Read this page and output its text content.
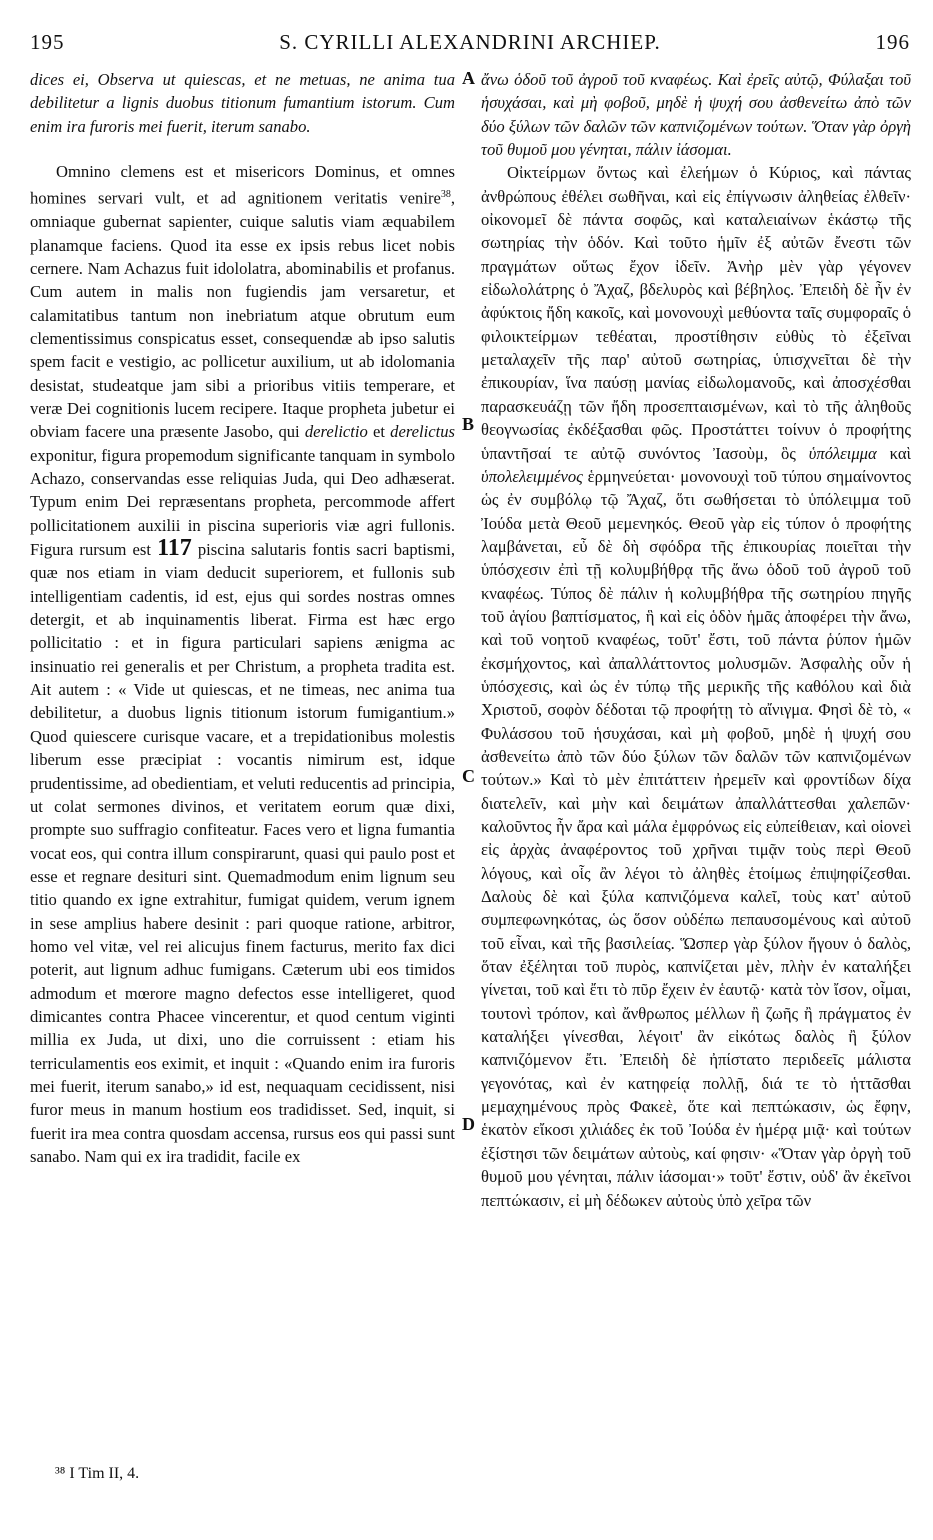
195	S. CYRILLI ALEXANDRINI ARCHIEP.	196

dices ei, Observa ut quiescas, et ne metuas, ne anima tua debilitetur a lignis duobus titionum fumantium istorum. Cum enim ira furoris mei fuerit, iterum sanabo.

Omnino clemens est et misericors Dominus, et omnes homines servari vult, et ad agnitionem veritatis venire$^{38}$, omniaque gubernat sapienter, cuique salutis viam æquabilem planamque faciens. Quod ita esse ex ipsis rebus licet nobis cernere. Nam Achazus fuit idololatra, abominabilis et profanus. Cum autem in malis non fugiendis jam versaretur, et calamitatibus tantum non inebriatum atque obrutum eum clementissimus conspicatus esset, consequendæ ab ipso salutis spem facit e vestigio, ac pollicetur auxilium, ut ab idolomania desistat, studeatque jam sibi a prioribus vitiis temperare, et veræ Dei cognitionis lucem recipere. Itaque propheta jubetur ei obviam facere una præsente Jasobo, qui derelictio et derelictus exponitur, figura propemodum significante tanquam in symbolo Achazo, conservandas esse reliquias Juda, qui Deo adhæserat. Typum enim Dei repræsentans propheta, percommode affert pollicitationem auxilii in piscina superioris viæ agri fullonis. Figura rursum est 117 piscina salutaris fontis sacri baptismi, quæ nos etiam in viam deducit superiorem, et fullonis sub intelligentiam cadentis, id est, ejus qui sordes nostras omnes detergit, et ab inquinamentis liberat. Firma est hæc ergo pollicitatio : et in figura particulari sapiens ænigma ac insinuatio rei generalis et per Christum, a propheta tradita est. Ait autem : « Vide ut quiescas, et ne timeas, nec anima tua debilitetur, a duobus lignis titionum istorum fumigantium.» Quod quiescere curisque vacare, et a trepidationibus molestis liberum esse præcipiat : vocantis nimirum est, idque prudentissime, ad obedientiam, et veluti reducentis ad principia, ut colat sermones divinos, et veritatem eorum quæ dixi, prompte suo suffragio confiteatur. Faces vero et ligna fumantia vocat eos, qui contra illum conspirarunt, quasi qui paulo post et esse et regnare desituri sint. Quemadmodum enim lignum seu titio quando ex igne extrahitur, fumigat quidem, verum ignem in sese amplius habere desinit : pari quoque ratione, arbitror, homo vel vitæ, vel rei alicujus finem facturus, merito fax dici poterit, aut lignum adhuc fumigans. Cæterum ubi eos timidos admodum et mœrore magno defectos esse intelligeret, quod dimicantes contra Phacee vincerentur, et quod centum viginti millia ex Juda, ut dixi, uno die corruissent : etiam his terriculamentis eos eximit, et inquit : «Quando enim ira furoris mei fuerit, iterum sanabo,» id est, nequaquam cecidissent, nisi furor meus in manum hostium eos tradidisset. Sed, inquit, si fuerit ira mea contra quosdam accensa, rursus eos qui passi sunt sanabo. Nam qui ex ira tradidit, facile ex

A
B
C
D

ἄνω ὁδοῦ τοῦ ἀγροῦ τοῦ κναφέως. Καὶ ἐρεῖς αὐτῷ, Φύλαξαι τοῦ ἡσυχάσαι, καὶ μὴ φοβοῦ, μηδὲ ἡ ψυχή σου ἀσθενείτω ἀπὸ τῶν δύο ξύλων τῶν δαλῶν τῶν καπνιζομένων τούτων. Ὅταν γὰρ ὀργὴ τοῦ θυμοῦ μου γένηται, πάλιν ἰάσομαι.

Οἰκτείρμων ὄντως καὶ ἐλεήμων ὁ Κύριος, καὶ πάντας ἀνθρώπους ἐθέλει σωθῆναι, καὶ εἰς ἐπίγνωσιν ἀληθείας ἐλθεῖν· οἰκονομεῖ δὲ πάντα σοφῶς, καὶ καταλειαίνων ἑκάστῳ τῆς σωτηρίας τὴν ὁδόν. Καὶ τοῦτο ἡμῖν ἐξ αὐτῶν ἔνεστι τῶν πραγμάτων οὕτως ἔχον ἰδεῖν. Ἀνὴρ μὲν γὰρ γέγονεν εἰδωλολάτρης ὁ Ἄχαζ, βδελυρὸς καὶ βέβηλος. Ἐπειδὴ δὲ ἦν ἐν ἀφύκτοις ἤδη κακοῖς, καὶ μονονουχὶ μεθύοντα ταῖς συμφοραῖς ὁ φιλοικτείρμων τεθέαται, προστίθησιν εὐθὺς τὸ ἐξεῖναι μεταλαχεῖν τῆς παρ' αὐτοῦ σωτηρίας, ὑπισχνεῖται δὲ τὴν ἐπικουρίαν, ἵνα παύσῃ μανίας εἰδωλομανοῦς, καὶ ἀποσχέσθαι παρασκευάζῃ τῶν ἤδη προσεπταισμένων, καὶ τὸ τῆς ἀληθοῦς θεογνωσίας ἐκδέξασθαι φῶς. Προστάττει τοίνυν ὁ προφήτης ὑπαντῆσαί τε αὐτῷ συνόντος Ἰασοὺμ, ὃς ὑπόλειμμα καὶ ὑπολελειμμένος ἑρμηνεύεται· μονονουχὶ τοῦ τύπου σημαίνοντος ὡς ἐν συμβόλῳ τῷ Ἄχαζ, ὅτι σωθήσεται τὸ ὑπόλειμμα τοῦ Ἰούδα μετὰ Θεοῦ μεμενηκός. Θεοῦ γὰρ εἰς τύπον ὁ προφήτης λαμβάνεται, εὖ δὲ δὴ σφόδρα τῆς ἐπικουρίας ποιεῖται τὴν ὑπόσχεσιν ἐπὶ τῇ κολυμβήθρᾳ τῆς ἄνω ὁδοῦ τοῦ ἀγροῦ τοῦ κναφέως. Τύπος δὲ πάλιν ἡ κολυμβήθρα τῆς σωτηρίου πηγῆς τοῦ ἁγίου βαπτίσματος, ἣ καὶ εἰς ὁδὸν ἡμᾶς ἀποφέρει τὴν ἄνω, καὶ τοῦ νοητοῦ κναφέως, τοῦτ' ἔστι, τοῦ πάντα ῥύπον ἡμῶν ἐκσμήχοντος, καὶ ἀπαλλάττοντος μολυσμῶν. Ἀσφαλὴς οὖν ἡ ὑπόσχεσις, καὶ ὡς ἐν τύπῳ τῆς μερικῆς τῆς καθόλου καὶ διὰ Χριστοῦ, σοφὸν δέδοται τῷ προφήτῃ τὸ αἴνιγμα. Φησὶ δὲ τὸ, « Φυλάσσου τοῦ ἡσυχάσαι, καὶ μὴ φοβοῦ, μηδὲ ἡ ψυχή σου ἀσθενείτω ἀπὸ τῶν δύο ξύλων τῶν δαλῶν τῶν καπνιζομένων τούτων.» Καὶ τὸ μὲν ἐπιτάττειν ἠρεμεῖν καὶ φροντίδων δίχα διατελεῖν, καὶ μὴν καὶ δειμάτων ἀπαλλάττεσθαι χαλεπῶν· καλοῦντος ἦν ἄρα καὶ μάλα ἐμφρόνως εἰς εὐπείθειαν, καὶ οἱονεὶ εἰς ἀρχὰς ἀναφέροντος τοῦ χρῆναι τιμᾷν τοὺς περὶ Θεοῦ λόγους, καὶ οἷς ἂν λέγοι τὸ ἀληθὲς ἑτοίμως ἐπιψηφίζεσθαι. Δαλοὺς δὲ καὶ ξύλα καπνιζόμενα καλεῖ, τοὺς κατ' αὐτοῦ συμπεφωνηκότας, ὡς ὅσον οὐδέπω πεπαυσομένους καὶ αὐτοῦ τοῦ εἶναι, καὶ τῆς βασιλείας. Ὥσπερ γὰρ ξύλον ἤγουν ὁ δαλὸς, ὅταν ἐξέληται τοῦ πυρὸς, καπνίζεται μὲν, πλὴν ἐν καταλήξει γίνεται, τοῦ καὶ ἔτι τὸ πῦρ ἔχειν ἐν ἑαυτῷ· κατὰ τὸν ἴσον, οἶμαι, τουτονὶ τρόπον, καὶ ἄνθρωπος μέλλων ἢ ζωῆς ἢ πράγματος ἐν καταλήξει γίνεσθαι, λέγοιτ' ἂν εἰκότως δαλὸς ἢ ξύλον καπνιζόμενον ἔτι. Ἐπειδὴ δὲ ἠπίστατο περιδεεῖς μάλιστα γεγονότας, καὶ ἐν κατηφείᾳ πολλῇ, διά τε τὸ ἡττᾶσθαι μεμαχημένους πρὸς Φακεὲ, ὅτε καὶ πεπτώκασιν, ὡς ἔφην, ἑκατὸν εἴκοσι χιλιάδες ἐκ τοῦ Ἰούδα ἐν ἡμέρᾳ μιᾷ· καὶ τούτων ἐξίστησι τῶν δειμάτων αὐτοὺς, καί φησιν· «Ὅταν γὰρ ὀργὴ τοῦ θυμοῦ μου γένηται, πάλιν ἰάσομαι·» τοῦτ' ἔστιν, οὐδ' ἂν ἐκεῖνοι πεπτώκασιν, εἰ μὴ δέδωκεν αὐτοὺς ὑπὸ χεῖρα τῶν

³⁸ I Tim II, 4.
